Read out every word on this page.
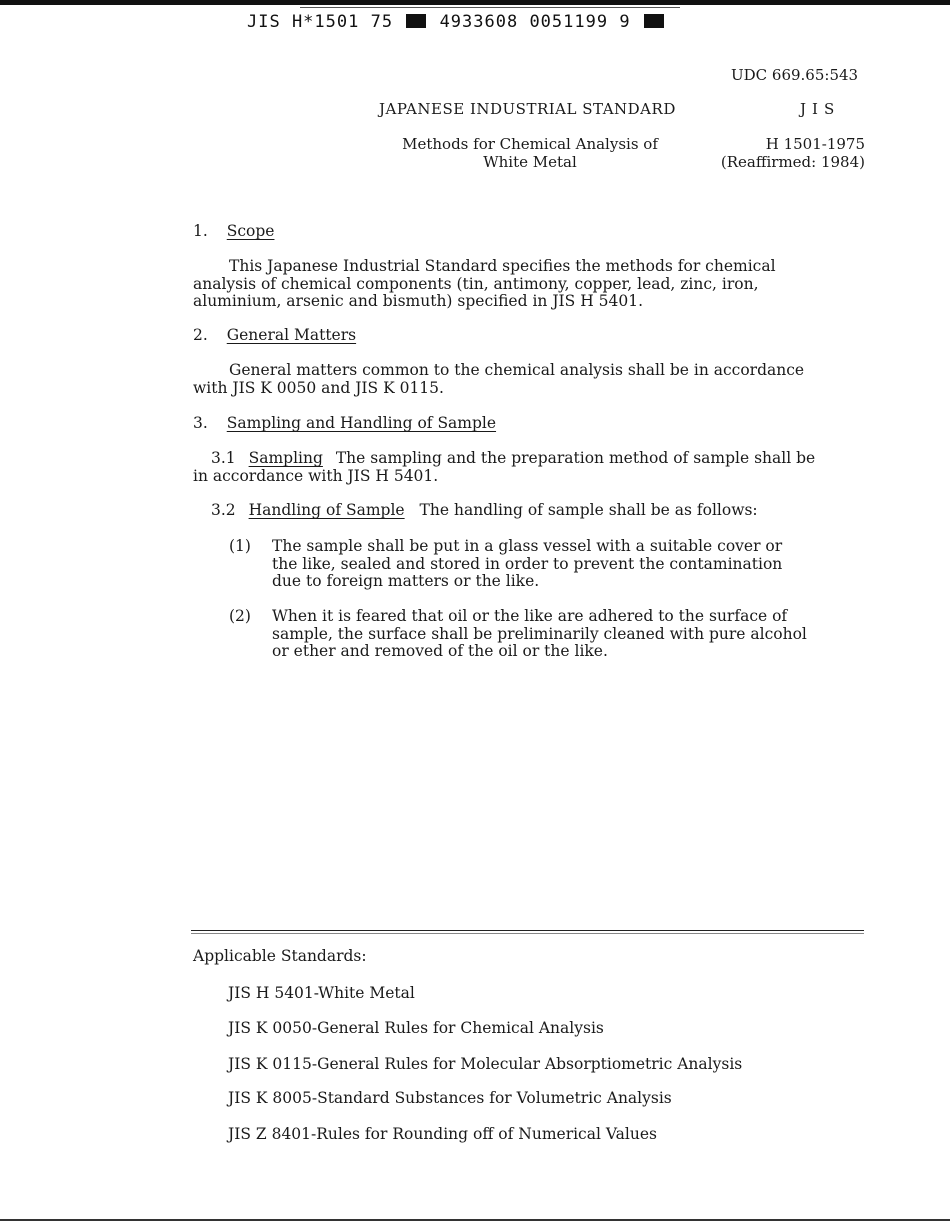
JIS H*1501 75	4933608 0051199 9
UDC 669.65:543
JAPANESE INDUSTRIAL STANDARD	JIS
Methods for Chemical Analysis of
White Metal
H 1501-1975
(Reaffirmed: 1984)
1. Scope
This Japanese Industrial Standard specifies the methods for chemical
analysis of chemical components (tin, antimony, copper, lead, zinc, iron,
aluminium, arsenic and bismuth) specified in JIS H 5401.
2. General Matters
General matters common to the chemical analysis shall be in accordance
with JIS K 0050 and JIS K 0115.
3. Sampling and Handling of Sample
3.1 Sampling The sampling and the preparation method of sample shall be
in accordance with JIS H 5401.
3.2 Handling of Sample The handling of sample shall be as follows:
(1) The sample shall be put in a glass vessel with a suitable cover or
the like, sealed and stored in order to prevent the contamination
due to foreign matters or the like.
(2) When it is feared that oil or the like are adhered to the surface of
sample, the surface shall be preliminarily cleaned with pure alcohol
or ether and removed of the oil or the like.
Applicable Standards:
JIS H 5401-White Metal
JIS K 0050-General Rules for Chemical Analysis
JIS K 0115-General Rules for Molecular Absorptiometric Analysis
JIS K 8005-Standard Substances for Volumetric Analysis
JIS Z 8401-Rules for Rounding off of Numerical Values
